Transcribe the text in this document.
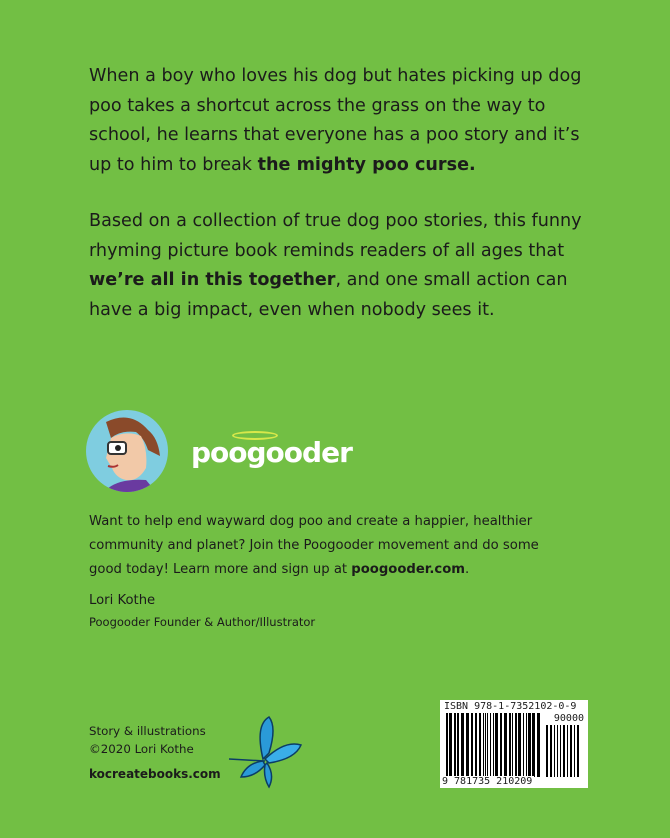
When a boy who loves his dog but hates picking up dog poo takes a shortcut across the grass on the way to school, he learns that everyone has a poo story and it’s up to him to break the mighty poo curse.

Based on a collection of true dog poo stories, this funny rhyming picture book reminds readers of all ages that we’re all in this together, and one small action can have a big impact, even when nobody sees it.

poogooder

Want to help end wayward dog poo and create a happier, healthier community and planet? Join the Poogooder movement and do some good today! Learn more and sign up at poogooder.com.

Lori Kothe

Poogooder Founder & Author/Illustrator

Story & illustrations

©2020 Lori Kothe

kocreatebooks.com

ISBN 978-1-7352102-0-9
90000
9 781735 210209
